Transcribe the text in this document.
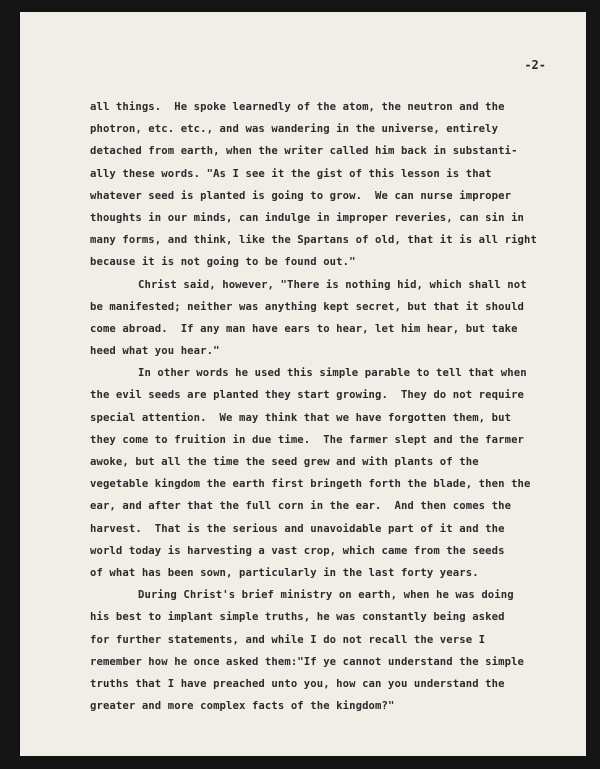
-2-
all things.  He spoke learnedly of the atom, the neutron and the
photron, etc. etc., and was wandering in the universe, entirely
detached from earth, when the writer called him back in substanti-
ally these words. "As I see it the gist of this lesson is that
whatever seed is planted is going to grow.  We can nurse improper
thoughts in our minds, can indulge in improper reveries, can sin in
many forms, and think, like the Spartans of old, that it is all right
because it is not going to be found out."
Christ said, however, "There is nothing hid, which shall not
be manifested; neither was anything kept secret, but that it should
come abroad.  If any man have ears to hear, let him hear, but take
heed what you hear."
In other words he used this simple parable to tell that when
the evil seeds are planted they start growing.  They do not require
special attention.  We may think that we have forgotten them, but
they come to fruition in due time.  The farmer slept and the farmer
awoke, but all the time the seed grew and with plants of the
vegetable kingdom the earth first bringeth forth the blade, then the
ear, and after that the full corn in the ear.  And then comes the
harvest.  That is the serious and unavoidable part of it and the
world today is harvesting a vast crop, which came from the seeds
of what has been sown, particularly in the last forty years.
During Christ's brief ministry on earth, when he was doing
his best to implant simple truths, he was constantly being asked
for further statements, and while I do not recall the verse I
remember how he once asked them:"If ye cannot understand the simple
truths that I have preached unto you, how can you understand the
greater and more complex facts of the kingdom?"
